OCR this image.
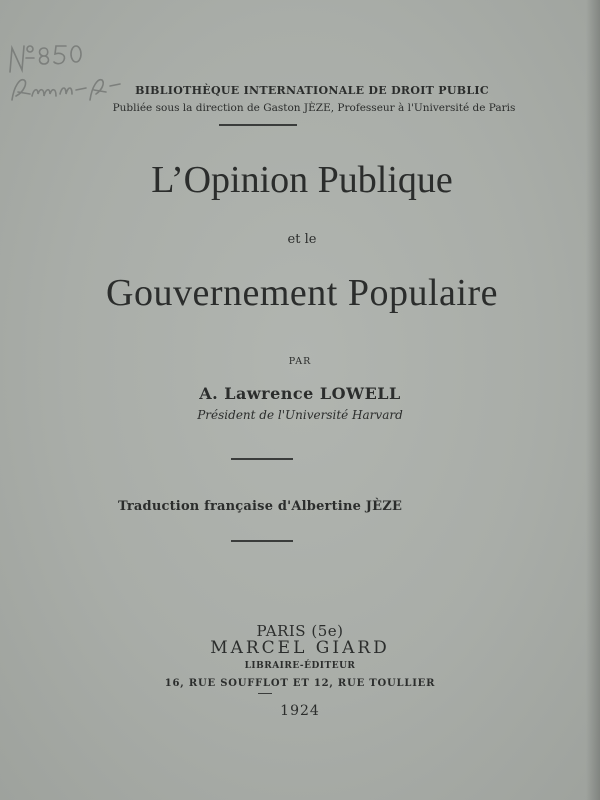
BIBLIOTHÈQUE INTERNATIONALE DE DROIT PUBLIC
Publiée sous la direction de Gaston JÈZE, Professeur à l'Université de Paris
L’Opinion Publique
et le
Gouvernement Populaire
PAR
A. Lawrence LOWELL
Président de l'Université Harvard
Traduction française d'Albertine JÈZE
PARIS (5e)
MARCEL GIARD
LIBRAIRE-ÉDITEUR
16, RUE SOUFFLOT ET 12, RUE TOULLIER
1924
